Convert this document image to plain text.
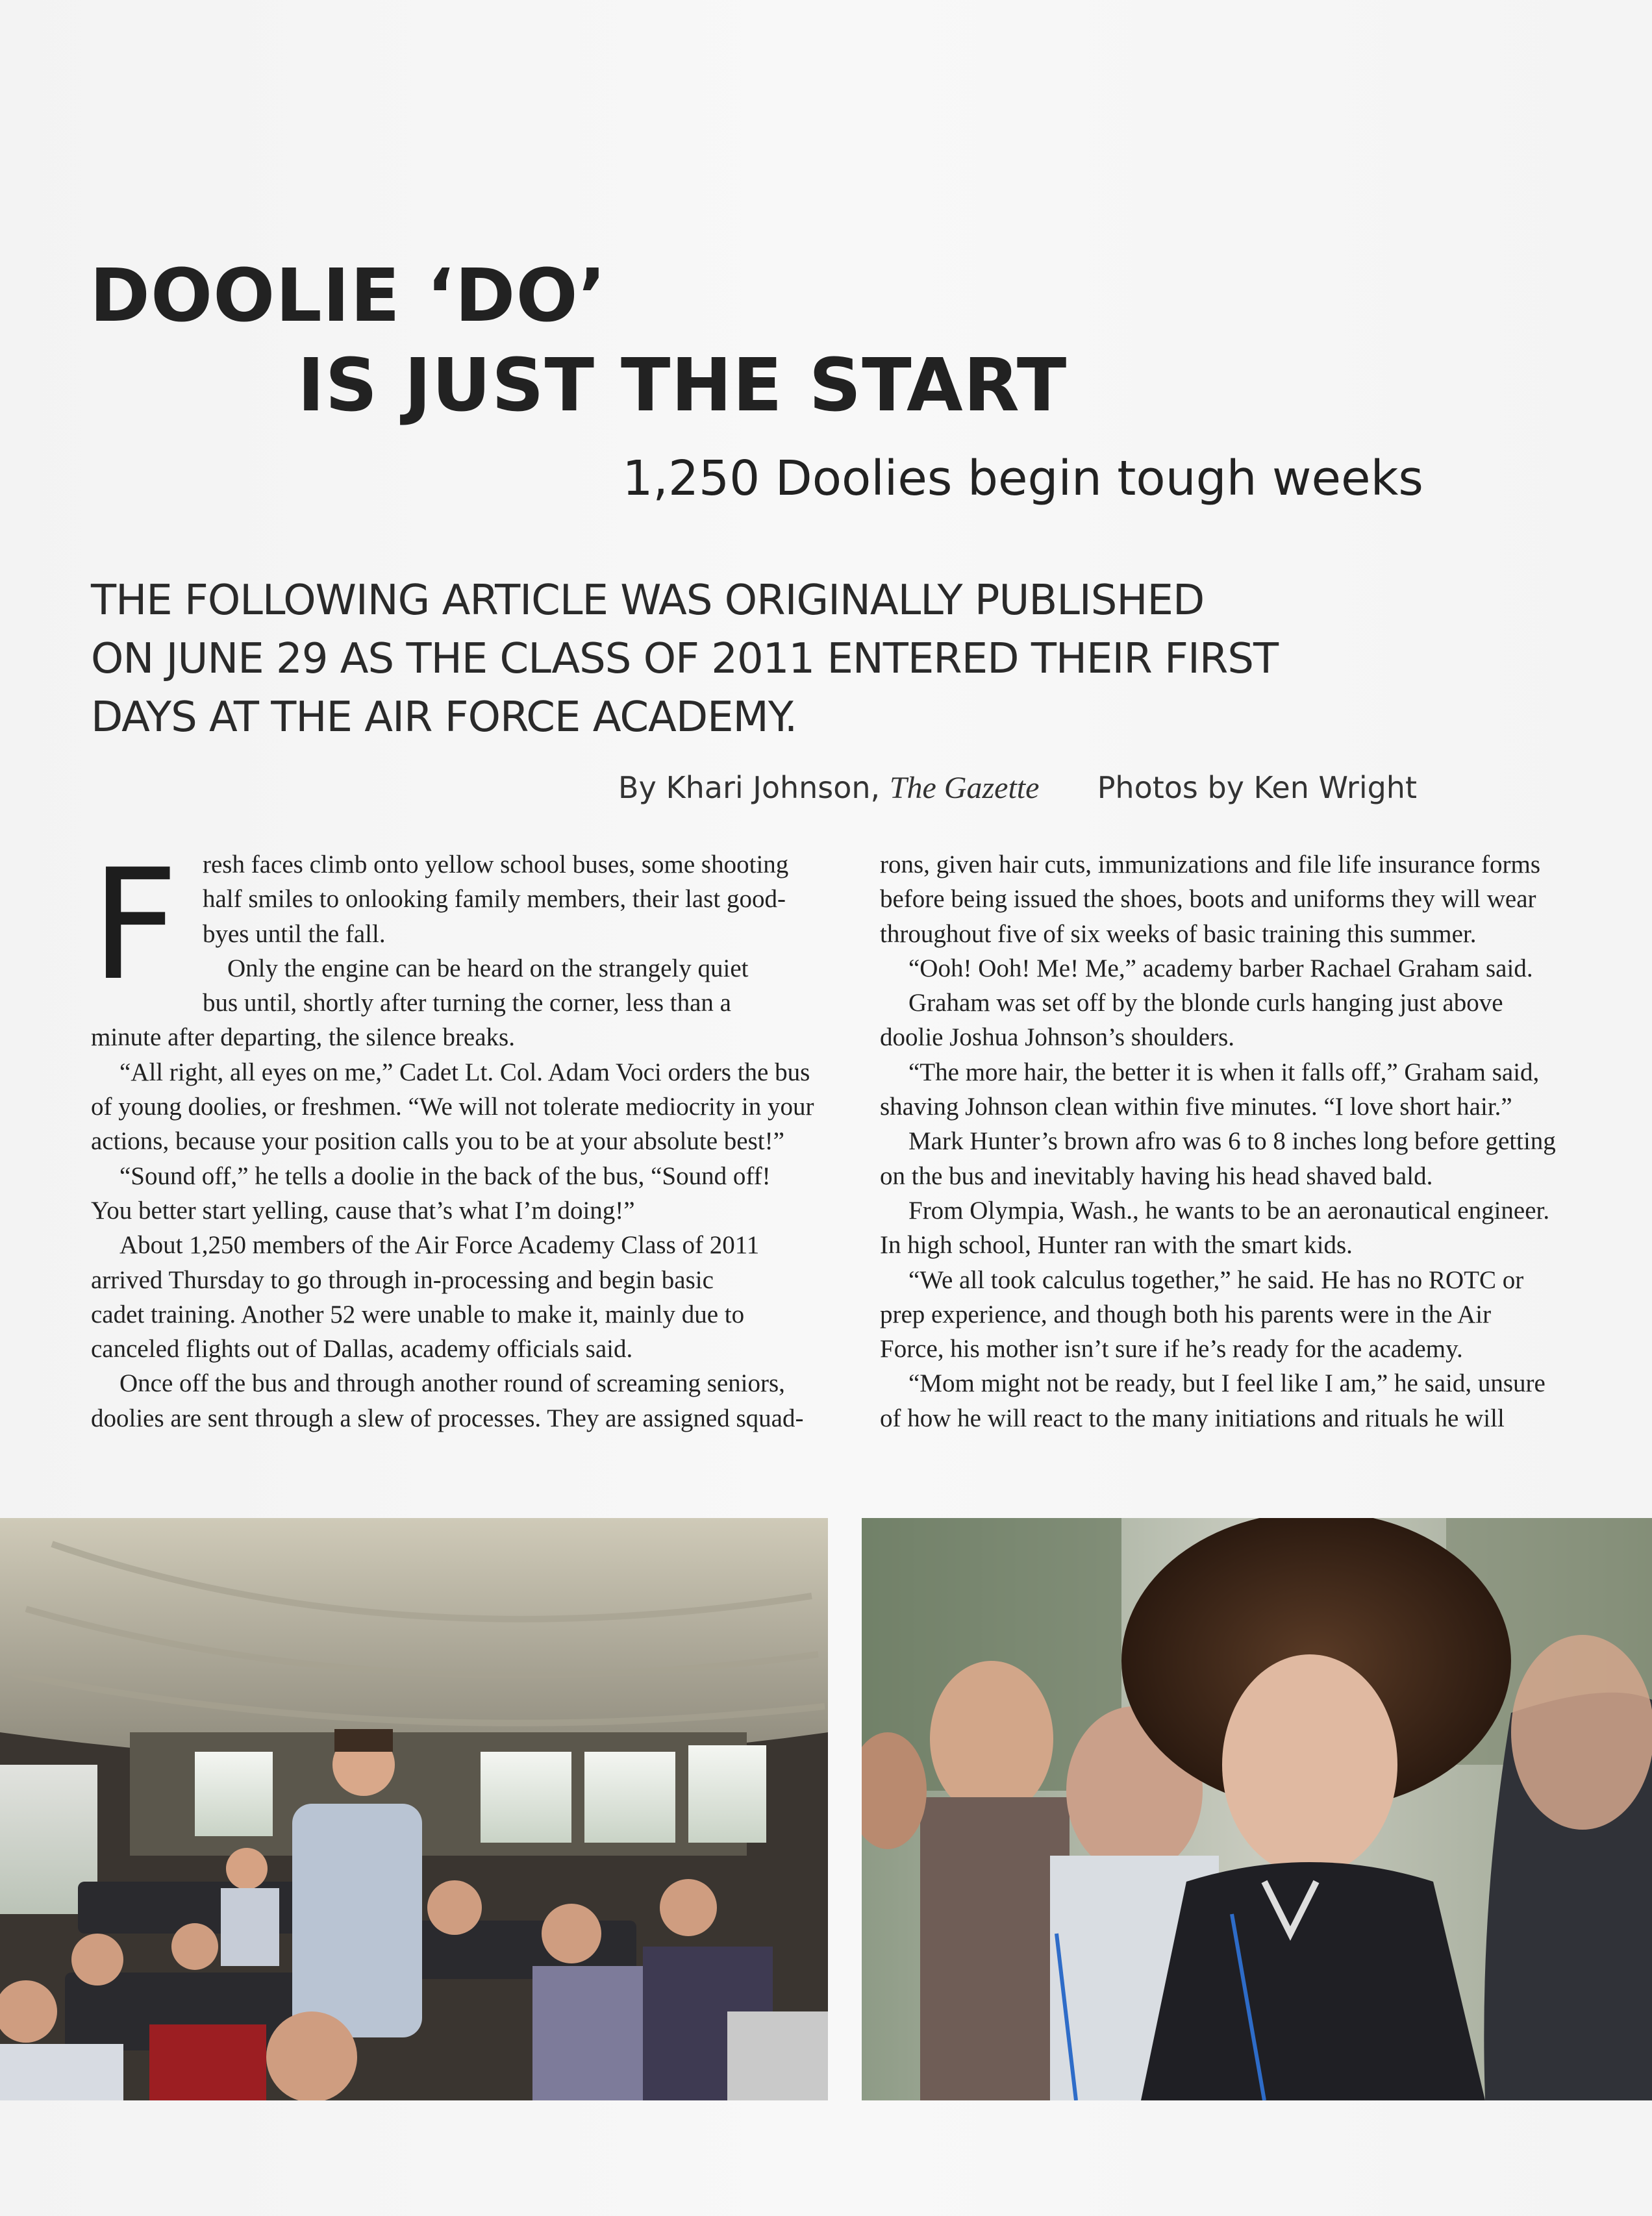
DOOLIE ‘DO’
IS JUST THE START
1,250 Doolies begin tough weeks
THE FOLLOWING ARTICLE WAS ORIGINALLY PUBLISHED
ON JUNE 29 AS THE CLASS OF 2011 ENTERED THEIR FIRST
DAYS AT THE AIR FORCE ACADEMY.
By Khari Johnson, The Gazette Photos by Ken Wright
F resh faces climb onto yellow school buses, some shooting
half smiles to onlooking family members, their last good-
byes until the fall.
Only the engine can be heard on the strangely quiet
bus until, shortly after turning the corner, less than a
minute after departing, the silence breaks.
“All right, all eyes on me,” Cadet Lt. Col. Adam Voci orders the bus
of young doolies, or freshmen. “We will not tolerate mediocrity in your
actions, because your position calls you to be at your absolute best!”
“Sound off,” he tells a doolie in the back of the bus, “Sound off!
You better start yelling, cause that’s what I’m doing!”
About 1,250 members of the Air Force Academy Class of 2011
arrived Thursday to go through in-processing and begin basic
cadet training. Another 52 were unable to make it, mainly due to
canceled flights out of Dallas, academy officials said.
Once off the bus and through another round of screaming seniors,
doolies are sent through a slew of processes. They are assigned squad-
rons, given hair cuts, immunizations and file life insurance forms
before being issued the shoes, boots and uniforms they will wear
throughout five of six weeks of basic training this summer.
“Ooh! Ooh! Me! Me,” academy barber Rachael Graham said.
Graham was set off by the blonde curls hanging just above
doolie Joshua Johnson’s shoulders.
“The more hair, the better it is when it falls off,” Graham said,
shaving Johnson clean within five minutes. “I love short hair.”
Mark Hunter’s brown afro was 6 to 8 inches long before getting
on the bus and inevitably having his head shaved bald.
From Olympia, Wash., he wants to be an aeronautical engineer.
In high school, Hunter ran with the smart kids.
“We all took calculus together,” he said. He has no ROTC or
prep experience, and though both his parents were in the Air
Force, his mother isn’t sure if he’s ready for the academy.
“Mom might not be ready, but I feel like I am,” he said, unsure
of how he will react to the many initiations and rituals he will
